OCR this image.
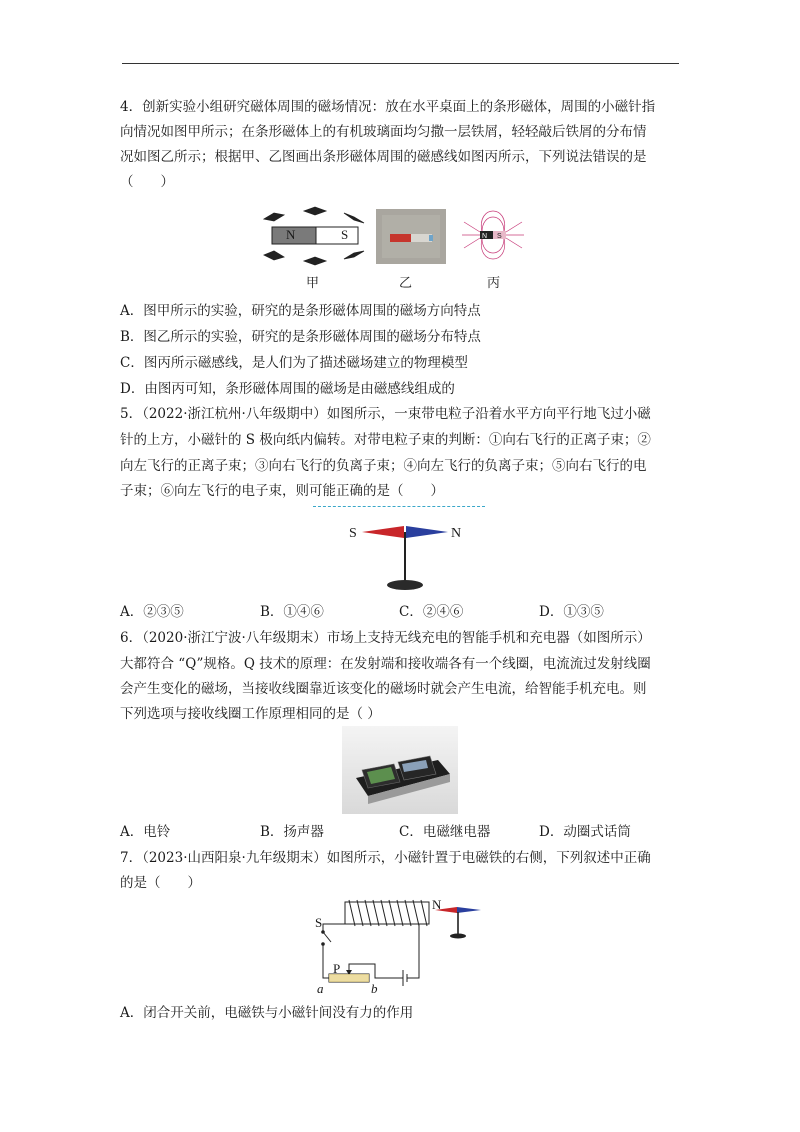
4．创新实验小组研究磁体周围的磁场情况：放在水平桌面上的条形磁体，周围的小磁针指
向情况如图甲所示；在条形磁体上的有机玻璃面均匀撒一层铁屑，轻轻敲后铁屑的分布情
况如图乙所示；根据甲、乙图画出条形磁体周围的磁感线如图丙所示，下列说法错误的是
（　　）
N	S	N S
甲	乙	丙
A．图甲所示的实验，研究的是条形磁体周围的磁场方向特点
B．图乙所示的实验，研究的是条形磁体周围的磁场分布特点
C．图丙所示磁感线，是人们为了描述磁场建立的物理模型
D．由图丙可知，条形磁体周围的磁场是由磁感线组成的
5．（2022·浙江杭州·八年级期中）如图所示，一束带电粒子沿着水平方向平行地飞过小磁
针的上方，小磁针的 S 极向纸内偏转。对带电粒子束的判断：①向右飞行的正离子束；②
向左飞行的正离子束；③向右飞行的负离子束；④向左飞行的负离子束；⑤向右飞行的电
子束；⑥向左飞行的电子束，则可能正确的是（　　）
S	N
A．②③⑤	B．①④⑥	C．②④⑥	D．①③⑤
6．（2020·浙江宁波·八年级期末）市场上支持无线充电的智能手机和充电器（如图所示）
大都符合 “Q”规格。Q 技术的原理：在发射端和接收端各有一个线圈，电流流过发射线圈
会产生变化的磁场，当接收线圈靠近该变化的磁场时就会产生电流，给智能手机充电。则
下列选项与接收线圈工作原理相同的是（ ）
A．电铃	B．扬声器	C．电磁继电器	D．动圈式话筒
7．（2023·山西阳泉·九年级期末）如图所示，小磁针置于电磁铁的右侧，下列叙述中正确
的是（　　）
S
N
P
a	b
A．闭合开关前，电磁铁与小磁针间没有力的作用
